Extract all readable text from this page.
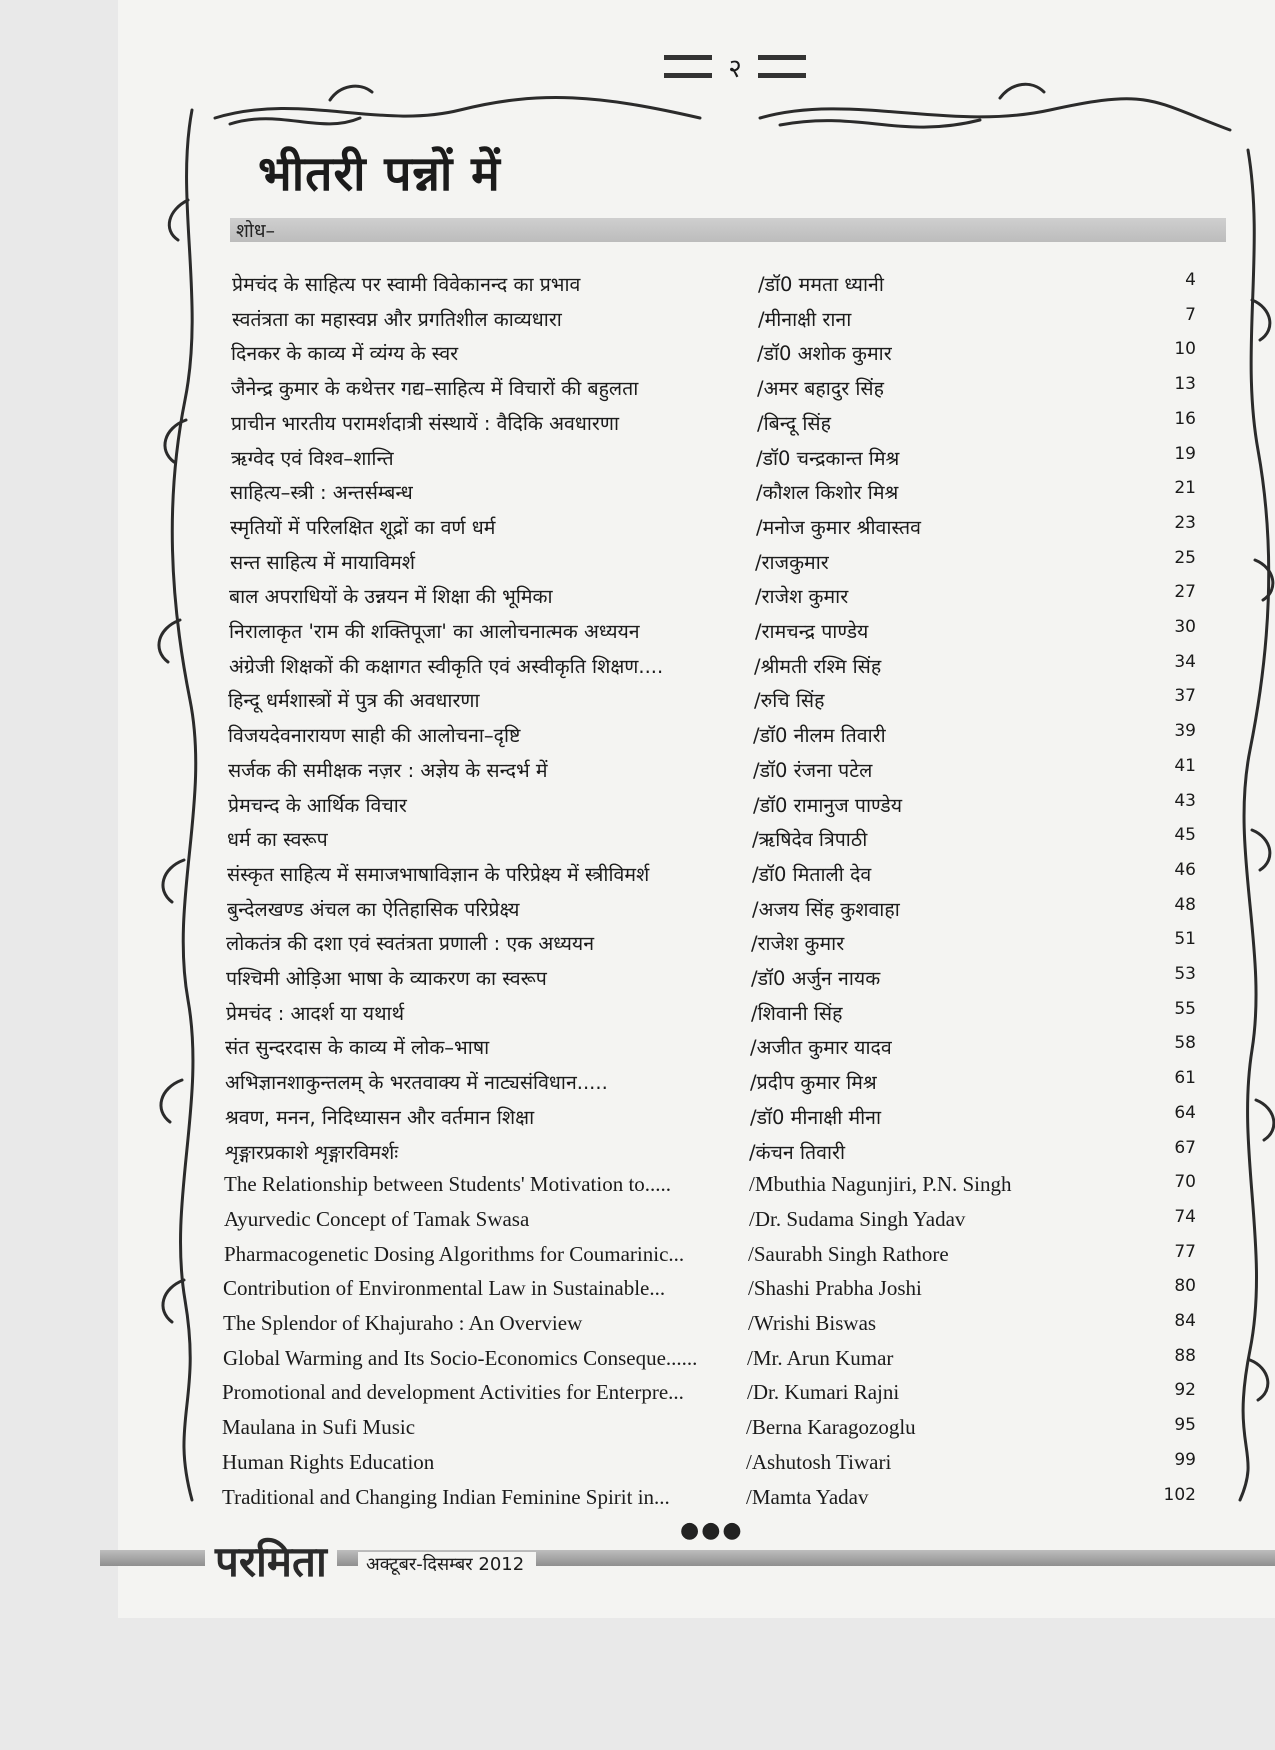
२
भीतरी पन्नों में
शोध–
प्रेमचंद के साहित्य पर स्वामी विवेकानन्द का प्रभाव	/डॉ0 ममता ध्यानी	4
स्वतंत्रता का महास्वप्न और प्रगतिशील काव्यधारा	/मीनाक्षी राना	7
दिनकर के काव्य में व्यंग्य के स्वर	/डॉ0 अशोक कुमार	10
जैनेन्द्र कुमार के कथेत्तर गद्य–साहित्य में विचारों की बहुलता	/अमर बहादुर सिंह	13
प्राचीन भारतीय परामर्शदात्री संस्थायें : वैदिकि अवधारणा	/बिन्दू सिंह	16
ऋग्वेद एवं विश्व–शान्ति	/डॉ0 चन्द्रकान्त मिश्र	19
साहित्य–स्त्री : अन्तर्सम्बन्ध	/कौशल किशोर मिश्र	21
स्मृतियों में परिलक्षित शूद्रों का वर्ण धर्म	/मनोज कुमार श्रीवास्तव	23
सन्त साहित्य में मायाविमर्श	/राजकुमार	25
बाल अपराधियों के उन्नयन में शिक्षा की भूमिका	/राजेश कुमार	27
निरालाकृत 'राम की शक्तिपूजा' का आलोचनात्मक अध्ययन	/रामचन्द्र पाण्डेय	30
अंग्रेजी शिक्षकों की कक्षागत स्वीकृति एवं अस्वीकृति शिक्षण....	/श्रीमती रश्मि सिंह	34
हिन्दू धर्मशास्त्रों में पुत्र की अवधारणा	/रुचि सिंह	37
विजयदेवनारायण साही की आलोचना–दृष्टि	/डॉ0 नीलम तिवारी	39
सर्जक की समीक्षक नज़र : अज्ञेय के सन्दर्भ में	/डॉ0 रंजना पटेल	41
प्रेमचन्द के आर्थिक विचार	/डॉ0 रामानुज पाण्डेय	43
धर्म का स्वरूप	/ऋषिदेव त्रिपाठी	45
संस्कृत साहित्य में समाजभाषाविज्ञान के परिप्रेक्ष्य में स्त्रीविमर्श	/डॉ0 मिताली देव	46
बुन्देलखण्ड अंचल का ऐतिहासिक परिप्रेक्ष्य	/अजय सिंह कुशवाहा	48
लोकतंत्र की दशा एवं स्वतंत्रता प्रणाली : एक अध्ययन	/राजेश कुमार	51
पश्चिमी ओड़िआ भाषा के व्याकरण का स्वरूप	/डॉ0 अर्जुन नायक	53
प्रेमचंद : आदर्श या यथार्थ	/शिवानी सिंह	55
संत सुन्दरदास के काव्य में लोक–भाषा	/अजीत कुमार यादव	58
अभिज्ञानशाकुन्तलम् के भरतवाक्य में नाट्यसंविधान.....	/प्रदीप कुमार मिश्र	61
श्रवण, मनन, निदिध्यासन और वर्तमान शिक्षा	/डॉ0 मीनाक्षी मीना	64
शृङ्गारप्रकाशे शृङ्गारविमर्शः	/कंचन तिवारी	67
The Relationship between Students' Motivation to.....	/Mbuthia Nagunjiri, P.N. Singh	70
Ayurvedic Concept of Tamak Swasa	/Dr. Sudama Singh Yadav	74
Pharmacogenetic Dosing Algorithms for Coumarinic...	/Saurabh Singh Rathore	77
Contribution of Environmental Law in Sustainable...	/Shashi Prabha Joshi	80
The Splendor of Khajuraho : An Overview	/Wrishi Biswas	84
Global Warming and Its Socio-Economics Conseque...... /Mr. Arun Kumar	88
Promotional and development Activities for Enterpre...	/Dr. Kumari Rajni	92
Maulana in Sufi Music	/Berna Karagozoglu	95
Human Rights Education	/Ashutosh Tiwari	99
Traditional and Changing Indian Feminine Spirit in...	/Mamta Yadav	102
●●●
परमिता	अक्टूबर-दिसम्बर 2012
